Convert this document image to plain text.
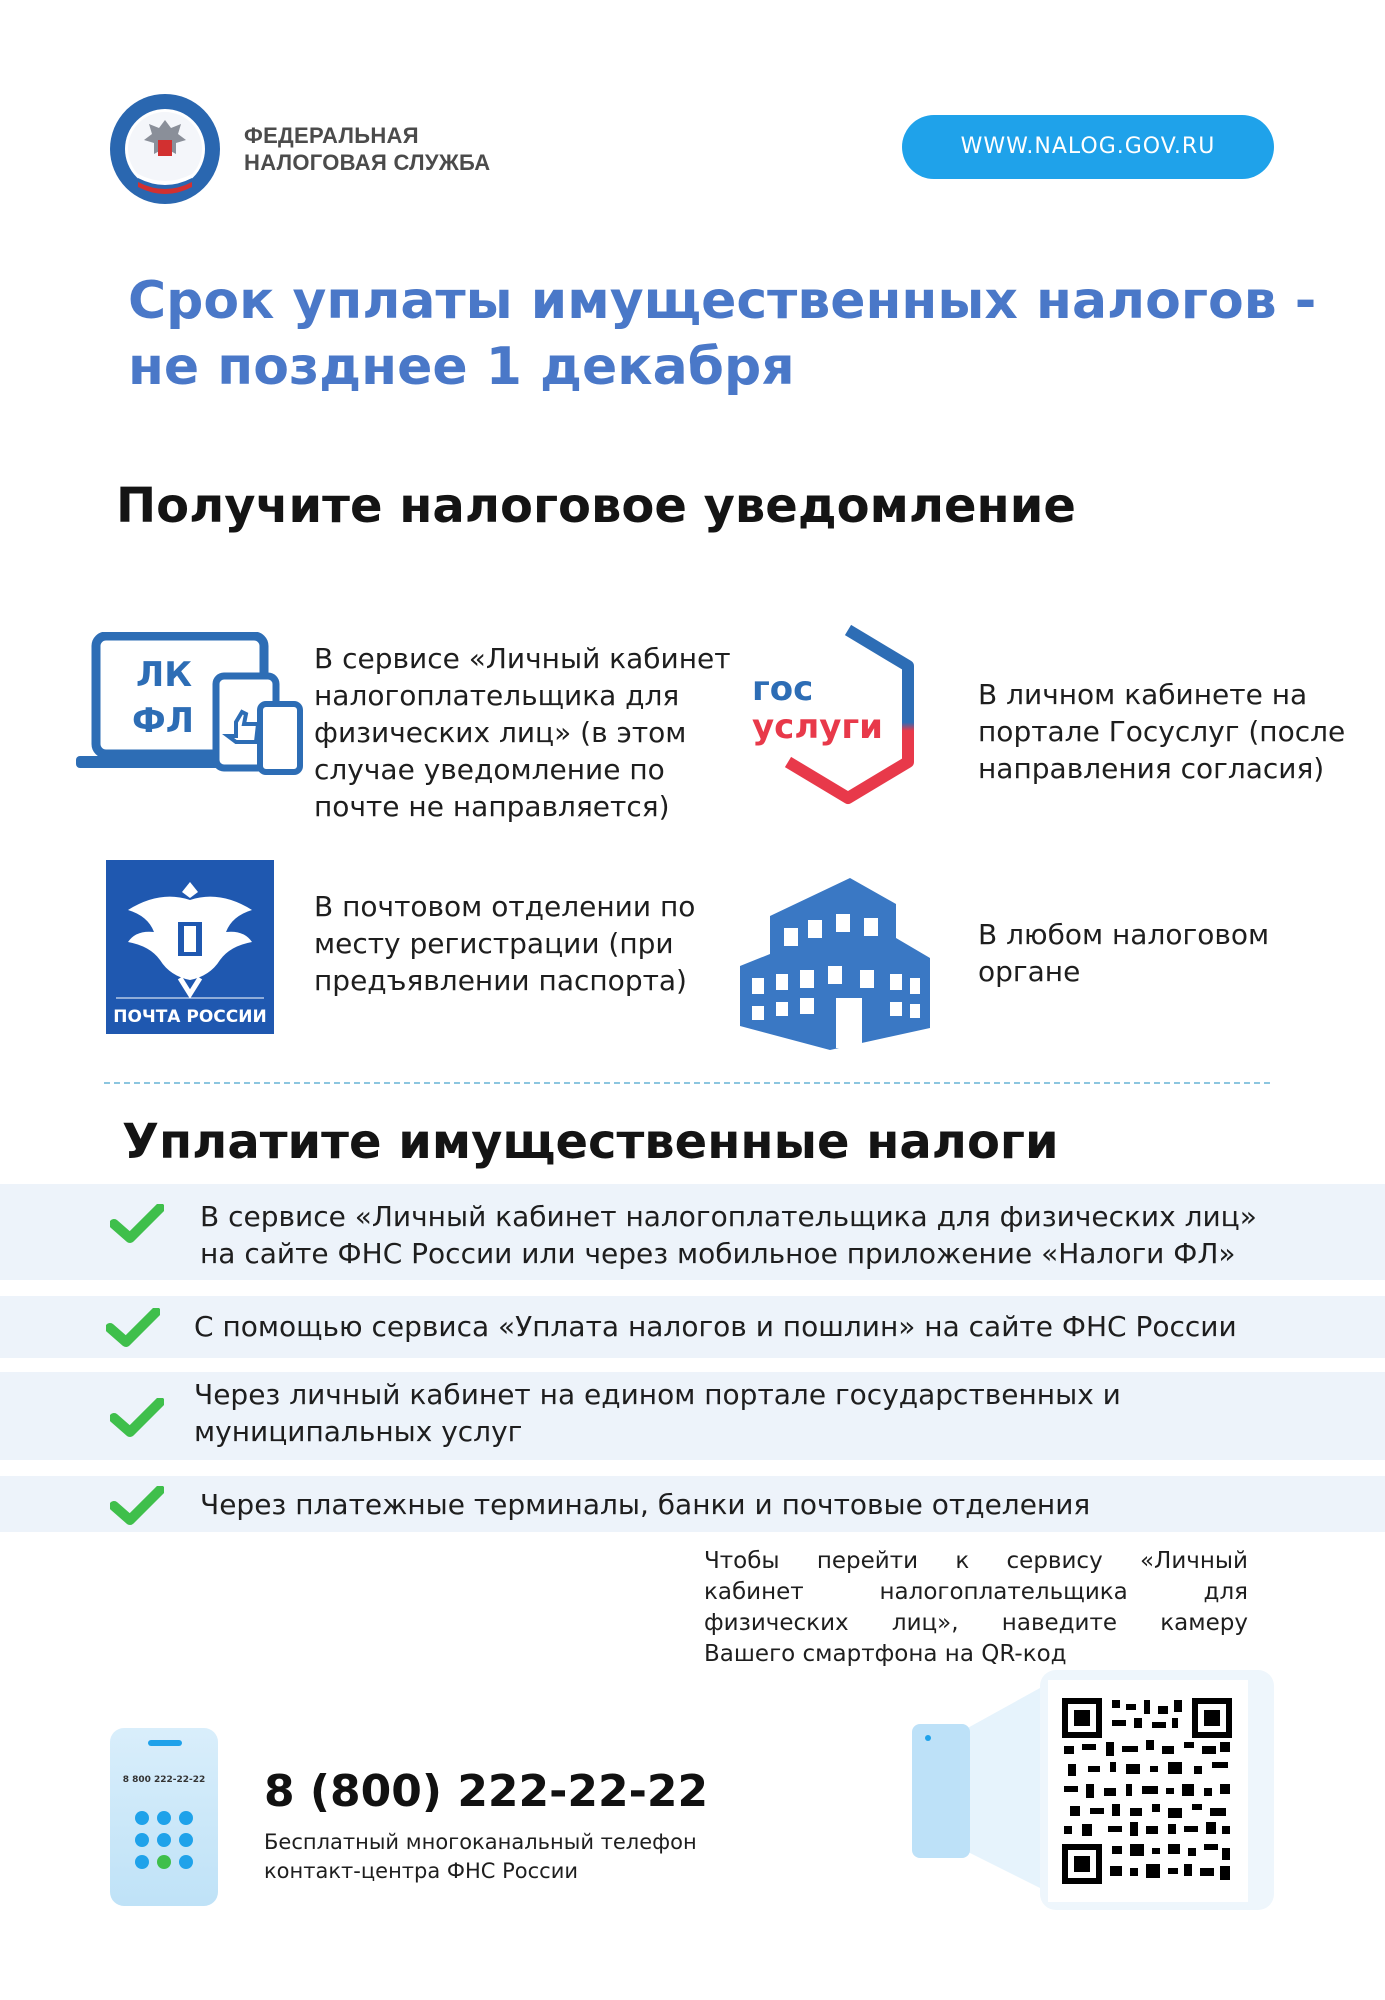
ФЕДЕРАЛЬНАЯ
НАЛОГОВАЯ СЛУЖБА
WWW.NALOG.GOV.RU
Срок уплаты имущественных налогов -
не позднее 1 декабря
Получите налоговое уведомление
ЛК
ФЛ
В сервисе «Личный кабинет налогоплательщика для физических лиц» (в этом случае уведомление по почте не направляется)
гос
услуги
В личном кабинете на портале Госуслуг (после направления согласия)
ПОЧТА РОССИИ
В почтовом отделении по месту регистрации (при предъявлении паспорта)
В любом налоговом органе
Уплатите имущественные налоги
В сервисе «Личный кабинет налогоплательщика для физических лиц»
на сайте ФНС России или через мобильное приложение «Налоги ФЛ»
С помощью сервиса «Уплата налогов и пошлин» на сайте ФНС России
Через личный кабинет на едином портале государственных и
муниципальных услуг
Через платежные терминалы, банки и почтовые отделения
Чтобы перейти к сервису «Личный
кабинет налогоплательщика для
физических лиц», наведите камеру
Вашего смартфона на QR-код
8 800 222-22-22 8 (800) 222-22-22
Бесплатный многоканальный телефон
контакт-центра ФНС России
